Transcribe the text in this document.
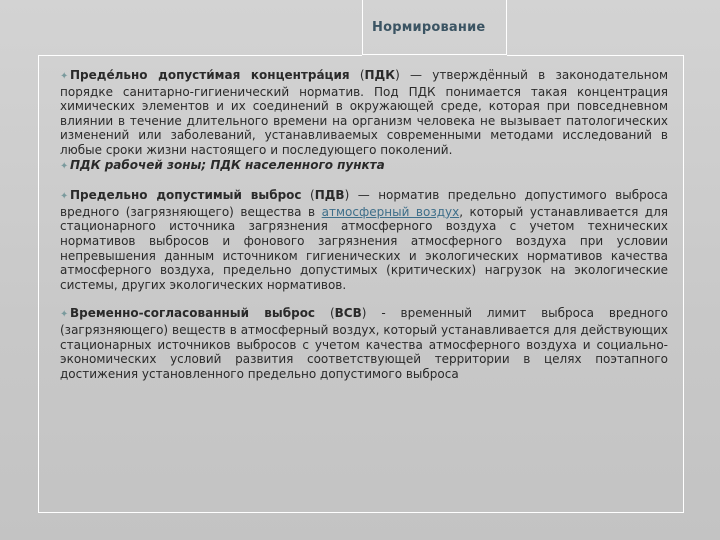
Нормирование

✦ Преде́льно допусти́мая концентра́ция (ПДК) — утверждённый в законодательном порядке санитарно-гигиенический норматив. Под ПДК понимается такая концентрация химических элементов и их соединений в окружающей среде, которая при повседневном влиянии в течение длительного времени на организм человека не вызывает патологических изменений или заболеваний, устанавливаемых современными методами исследований в любые сроки жизни настоящего и последующего поколений.

✦ ПДК рабочей зоны; ПДК населенного пункта

✦ Предельно допустимый выброс (ПДВ) — норматив предельно допустимого выброса вредного (загрязняющего) вещества в атмосферный воздух, который устанавливается для стационарного источника загрязнения атмосферного воздуха с учетом технических нормативов выбросов и фонового загрязнения атмосферного воздуха при условии непревышения данным источником гигиенических и экологических нормативов качества атмосферного воздуха, предельно допустимых (критических) нагрузок на экологические системы, других экологических нормативов.

✦ Временно-согласованный выброс (ВСВ) - временный лимит выброса вредного (загрязняющего) веществ в атмосферный воздух, который устанавливается для действующих стационарных источников выбросов с учетом качества атмосферного воздуха и социально-экономических условий развития соответствующей территории в целях поэтапного достижения установленного предельно допустимого выброса
